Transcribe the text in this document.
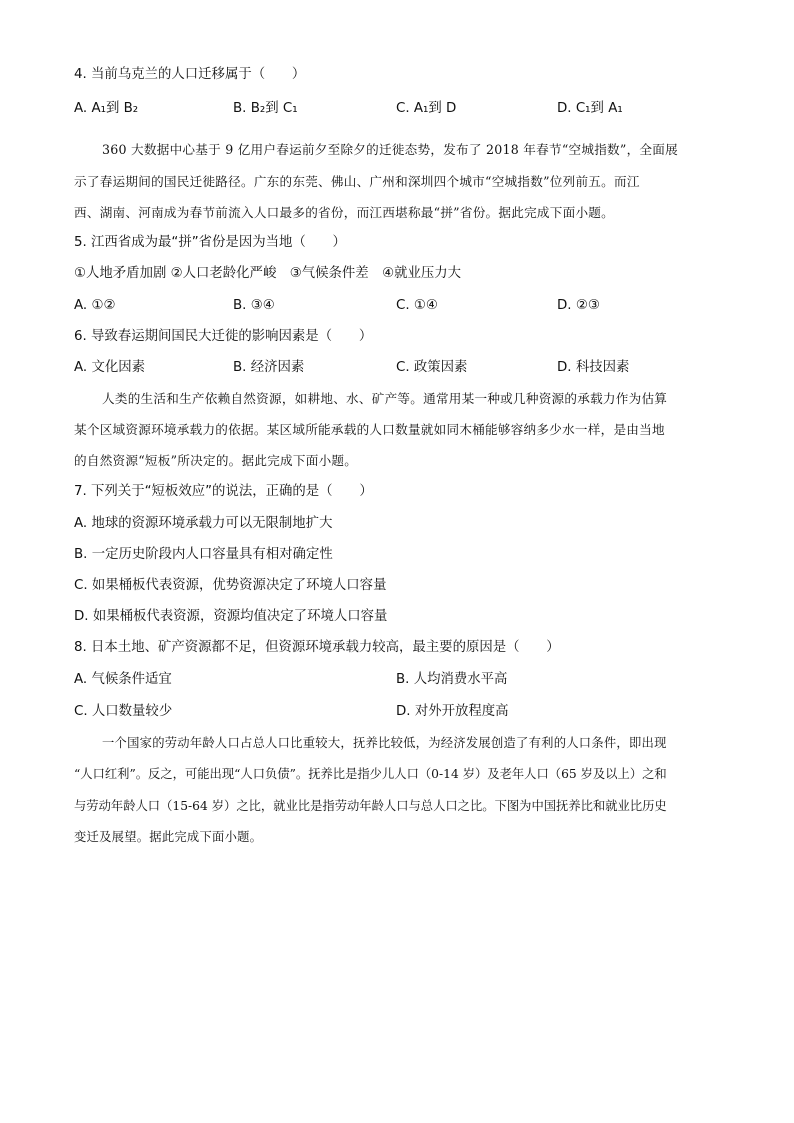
4. 当前乌克兰的人口迁移属于（　　）
A. A₁到 B₂	B. B₂到 C₁	C. A₁到 D	D. C₁到 A₁
360 大数据中心基于 9 亿用户春运前夕至除夕的迁徙态势，发布了 2018 年春节“空城指数”，全面展
示了春运期间的国民迁徙路径。广东的东莞、佛山、广州和深圳四个城市“空城指数”位列前五。而江
西、湖南、河南成为春节前流入人口最多的省份，而江西堪称最“拼”省份。据此完成下面小题。
5. 江西省成为最“拼”省份是因为当地（　　）
①人地矛盾加剧 ②人口老龄化严峻　③气候条件差　④就业压力大
A. ①②	B. ③④	C. ①④	D. ②③
6. 导致春运期间国民大迁徙的影响因素是（　　）
A. 文化因素	B. 经济因素	C. 政策因素	D. 科技因素
人类的生活和生产依赖自然资源，如耕地、水、矿产等。通常用某一种或几种资源的承载力作为估算
某个区域资源环境承载力的依据。某区域所能承载的人口数量就如同木桶能够容纳多少水一样，是由当地
的自然资源“短板”所决定的。据此完成下面小题。
7. 下列关于“短板效应”的说法，正确的是（　　）
A. 地球的资源环境承载力可以无限制地扩大
B. 一定历史阶段内人口容量具有相对确定性
C. 如果桶板代表资源，优势资源决定了环境人口容量
D. 如果桶板代表资源，资源均值决定了环境人口容量
8. 日本土地、矿产资源都不足，但资源环境承载力较高，最主要的原因是（　　）
A. 气候条件适宜	B. 人均消费水平高
C. 人口数量较少	D. 对外开放程度高
一个国家的劳动年龄人口占总人口比重较大，抚养比较低，为经济发展创造了有利的人口条件，即出现
“人口红利”。反之，可能出现“人口负债”。抚养比是指少儿人口（0-14 岁）及老年人口（65 岁及以上）之和
与劳动年龄人口（15-64 岁）之比，就业比是指劳动年龄人口与总人口之比。下图为中国抚养比和就业比历史
变迁及展望。据此完成下面小题。
